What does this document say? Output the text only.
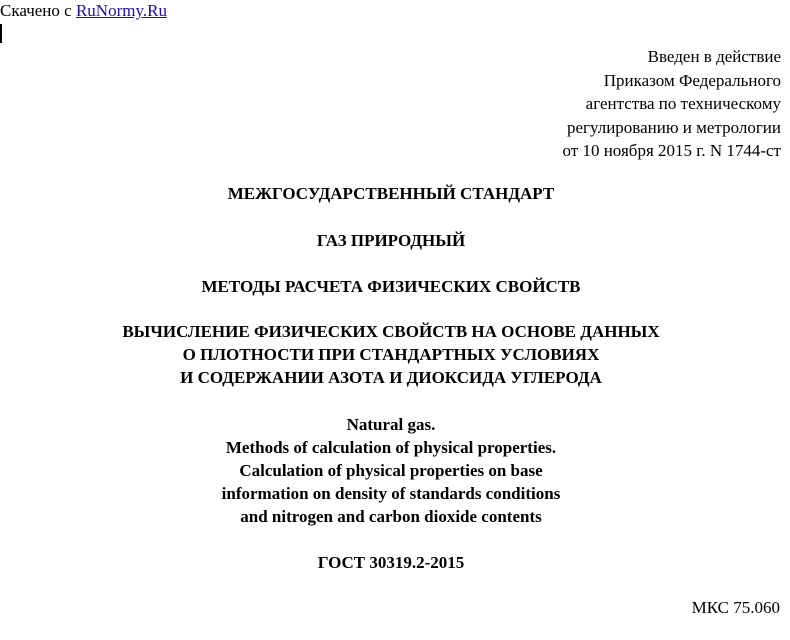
Скачено с RuNormy.Ru
Введен в действие
Приказом Федерального
агентства по техническому
регулированию и метрологии
от 10 ноября 2015 г. N 1744-ст
МЕЖГОСУДАРСТВЕННЫЙ СТАНДАРТ
ГАЗ ПРИРОДНЫЙ
МЕТОДЫ РАСЧЕТА ФИЗИЧЕСКИХ СВОЙСТВ
ВЫЧИСЛЕНИЕ ФИЗИЧЕСКИХ СВОЙСТВ НА ОСНОВЕ ДАННЫХ
О ПЛОТНОСТИ ПРИ СТАНДАРТНЫХ УСЛОВИЯХ
И СОДЕРЖАНИИ АЗОТА И ДИОКСИДА УГЛЕРОДА
Natural gas.
Methods of calculation of physical properties.
Calculation of physical properties on base
information on density of standards conditions
and nitrogen and carbon dioxide contents
ГОСТ 30319.2-2015
МКС 75.060
